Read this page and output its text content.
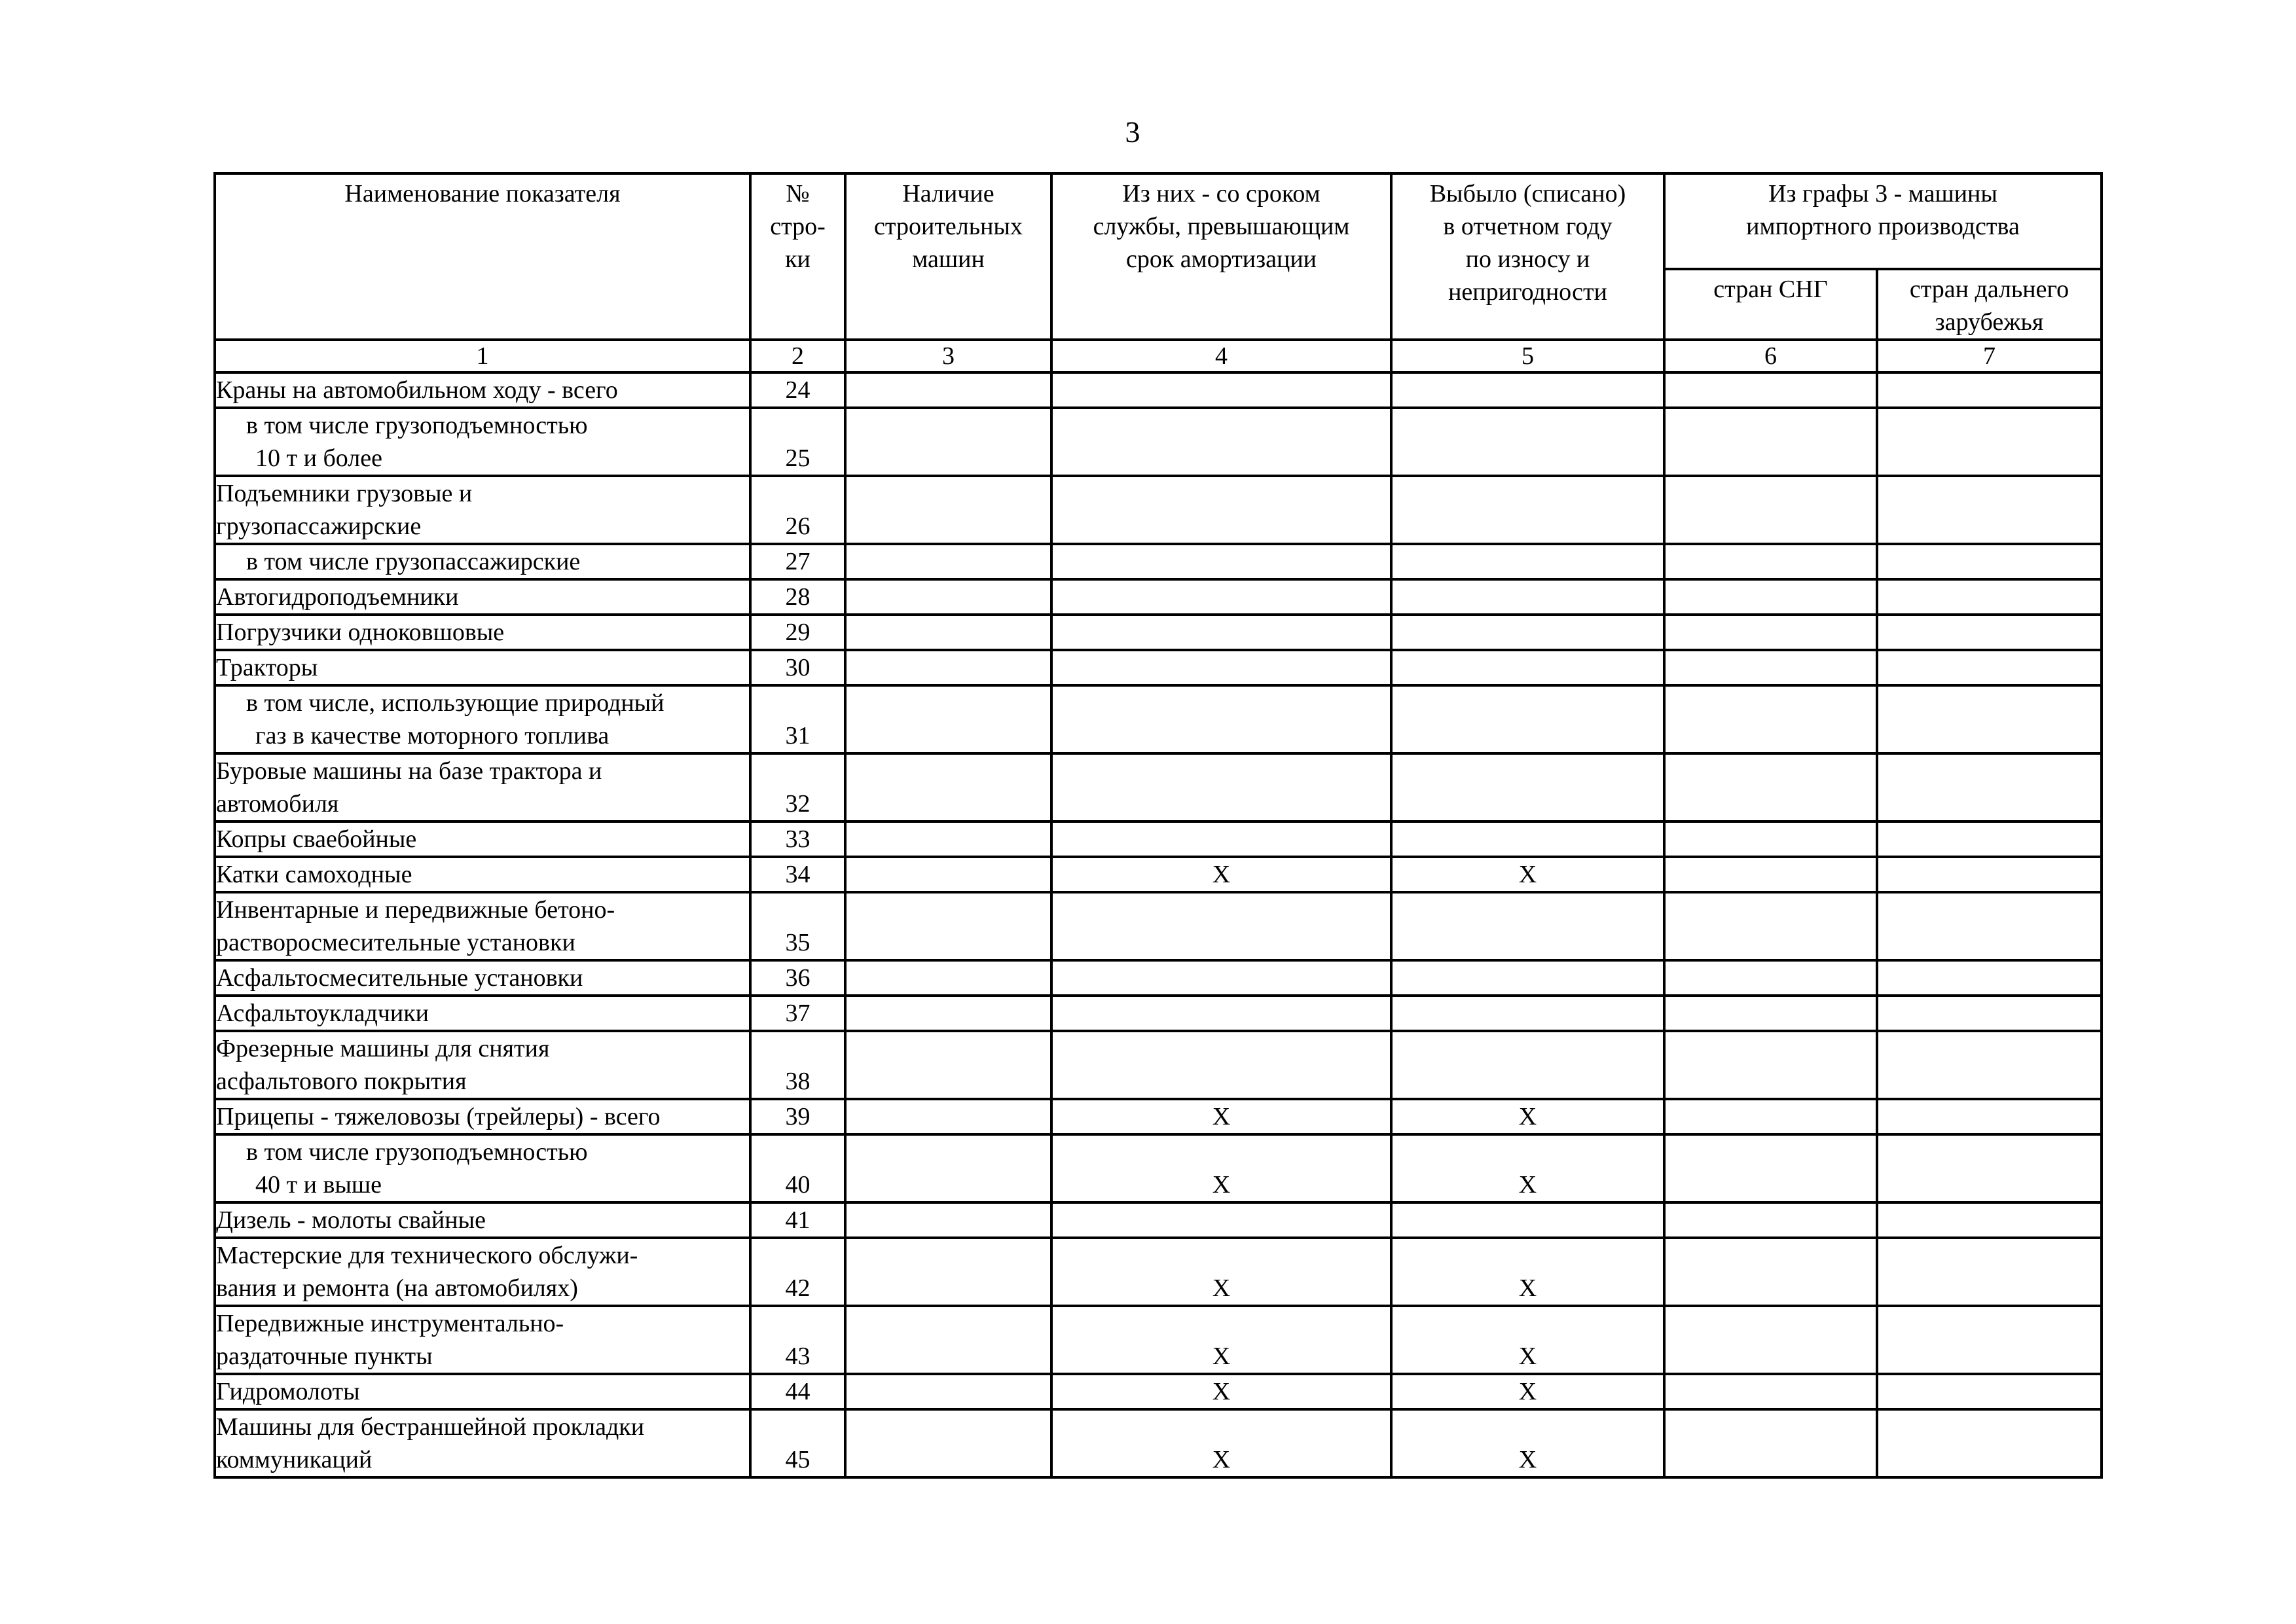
3
Наименование показателя	№
стро-
ки	Наличие
строительных
машин	Из них - со сроком
службы, превышающим
срок амортизации	Выбыло (списано)
в отчетном году
по износу и
непригодности	Из графы 3 - машины
импортного производства	

					стран СНГ	стран дальнего
зарубежья

1	2	3	4	5	6	7

Краны на автомобильном ходу - всего	24					

в том числе грузоподъемностью
10 т и более	25					

Подъемники грузовые и
грузопассажирские	26					

в том числе грузопассажирские	27					

Автогидроподъемники	28					

Погрузчики одноковшовые	29					

Тракторы	30					

в том числе, использующие природный
газ в качестве моторного топлива	31					

Буровые машины на базе трактора и
автомобиля	32					

Копры сваебойные	33					

Катки самоходные	34		X	X		

Инвентарные и передвижные бетоно-
растворосмесительные установки	35					

Асфальтосмесительные установки	36					

Асфальтоукладчики	37					

Фрезерные машины для снятия
асфальтового покрытия	38					

Прицепы - тяжеловозы (трейлеры) - всего	39		X	X		

в том числе грузоподъемностью
40 т и выше	40		X	X		

Дизель - молоты свайные	41					

Мастерские для технического обслужи-
вания и ремонта (на автомобилях)	42		X	X		

Передвижные инструментально-
раздаточные пункты	43		X	X		

Гидромолоты	44		X	X		

Машины для бестраншейной прокладки
коммуникаций	45		X	X		
